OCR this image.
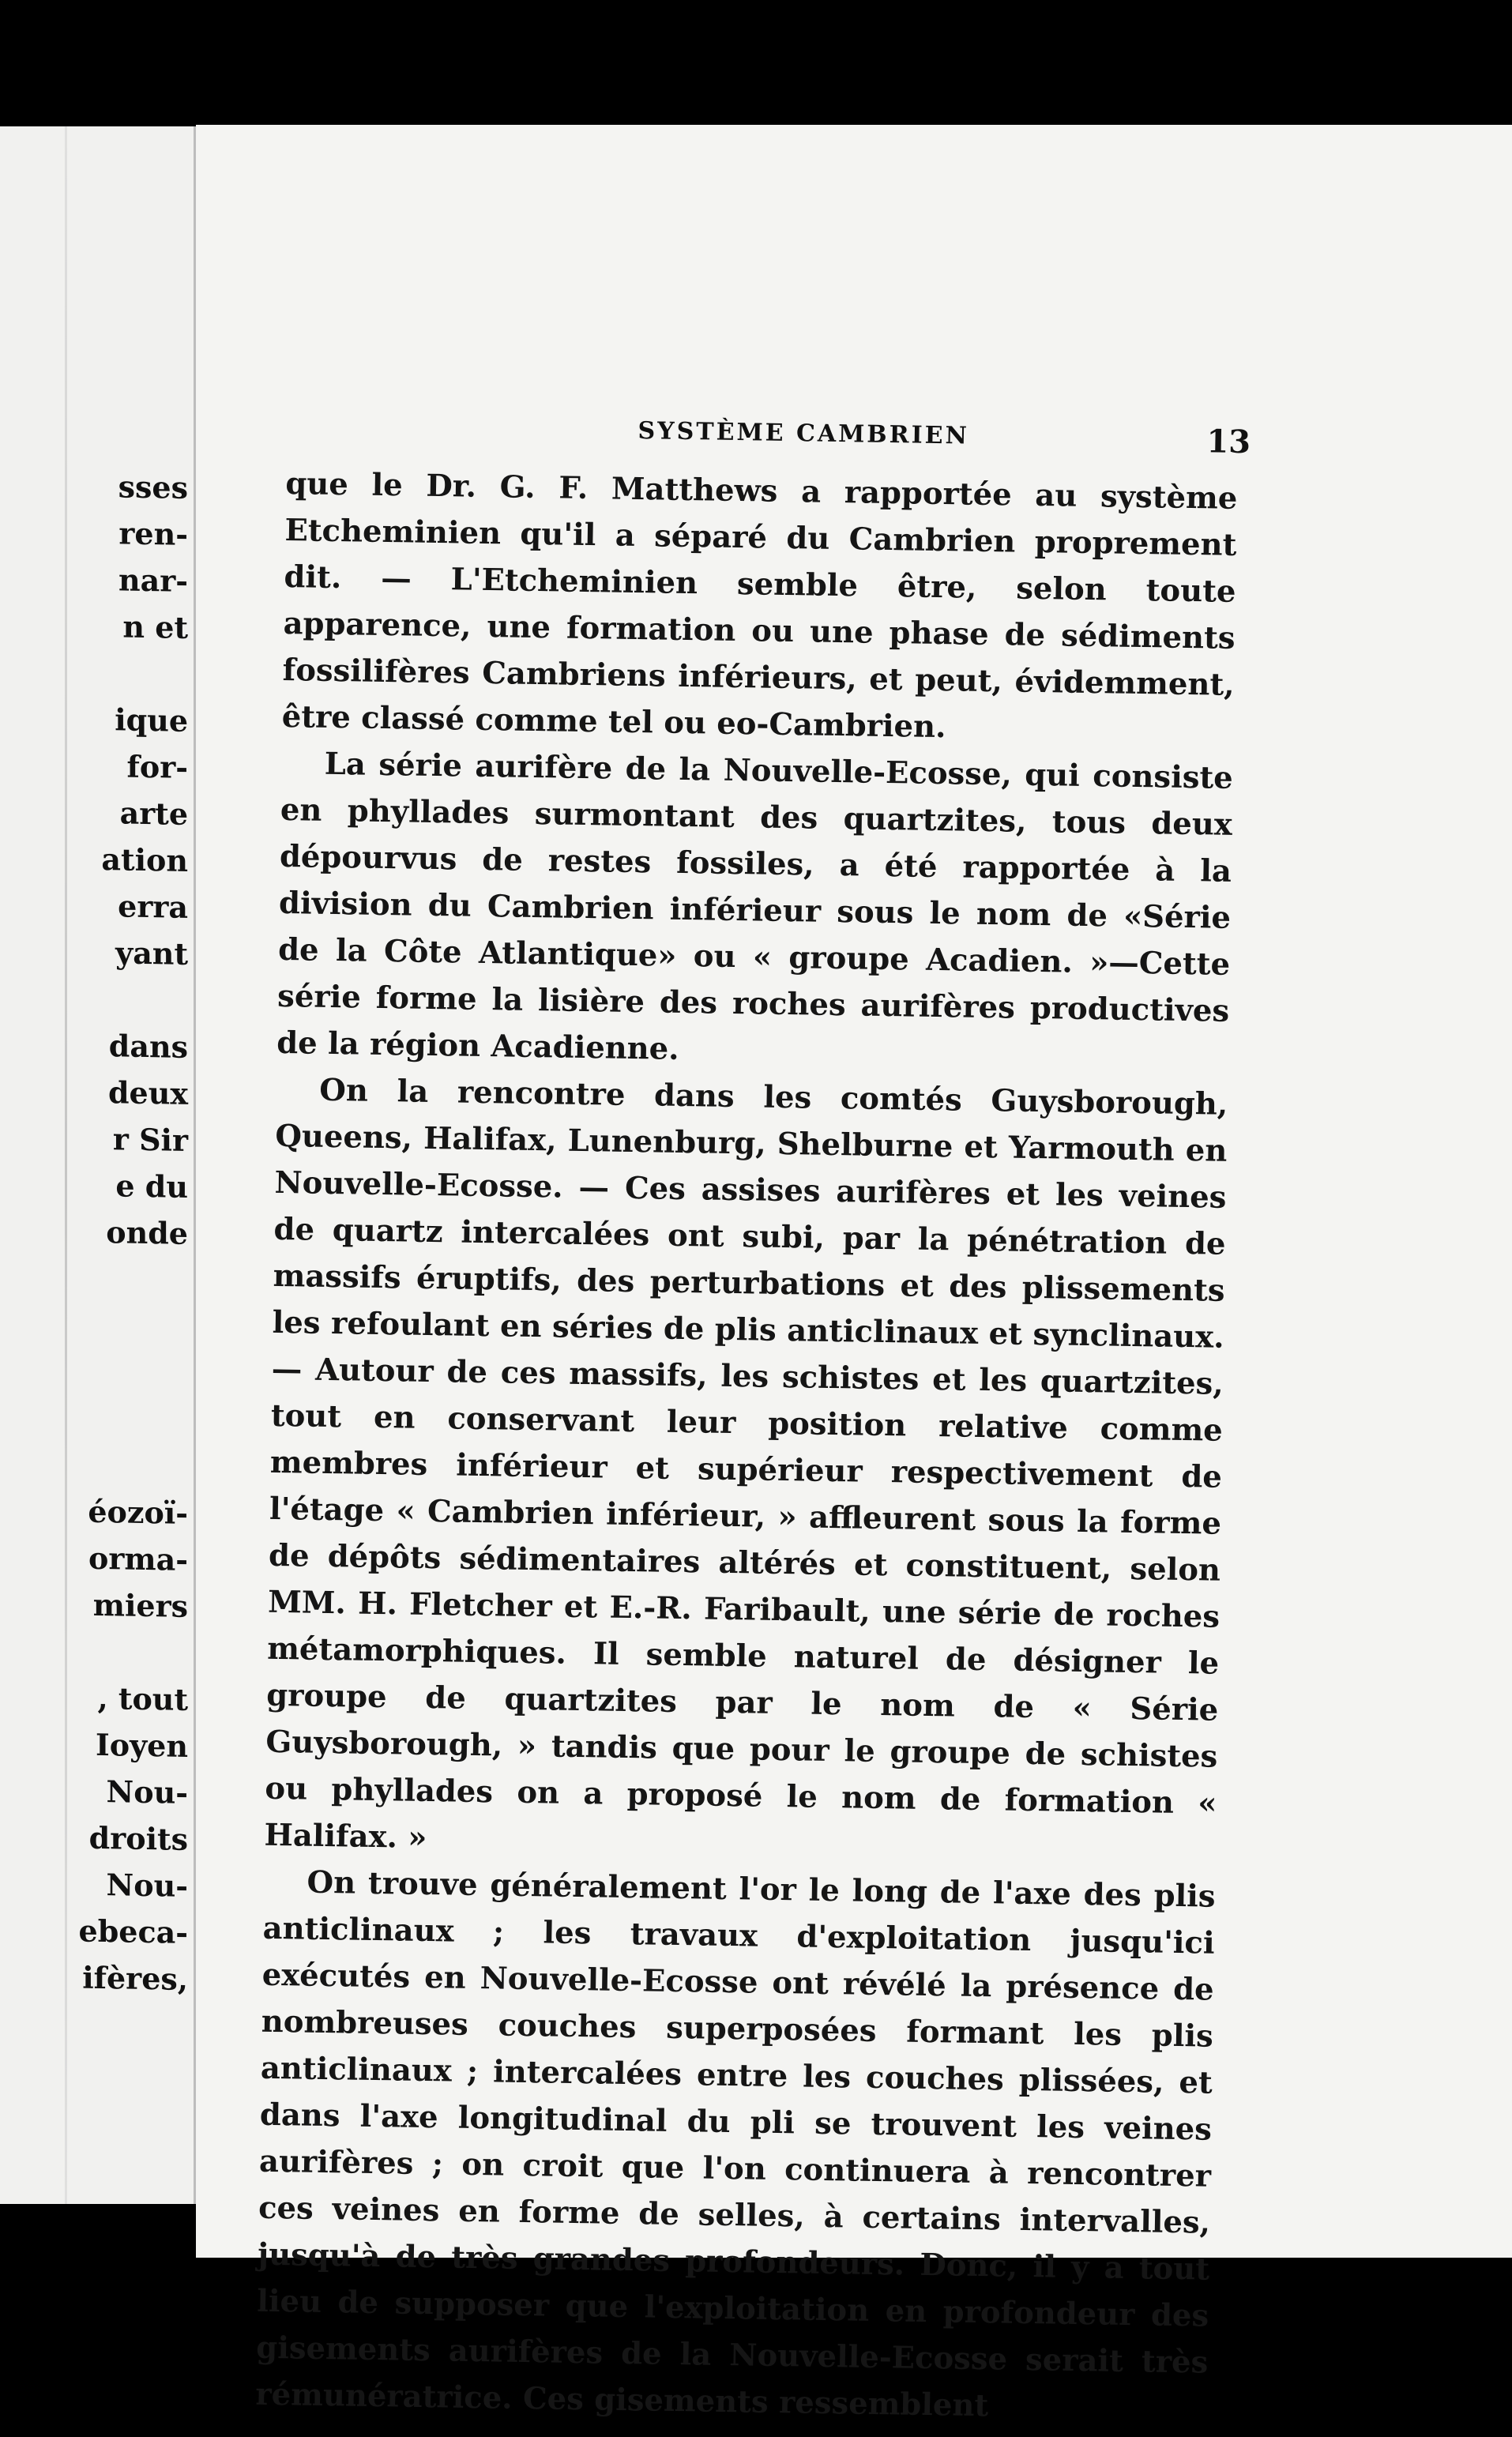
SYSTÈME CAMBRIEN	13

que le Dr. G. F. Matthews a rapportée au système Etcheminien qu'il a séparé du Cambrien proprement dit. — L'Etcheminien semble être, selon toute apparence, une formation ou une phase de sédiments fossilifères Cambriens inférieurs, et peut, évidemment, être classé comme tel ou eo-Cambrien.

La série aurifère de la Nouvelle-Ecosse, qui consiste en phyllades surmontant des quartzites, tous deux dépourvus de restes fossiles, a été rapportée à la division du Cambrien inférieur sous le nom de «Série de la Côte Atlantique» ou « groupe Acadien. »—Cette série forme la lisière des roches aurifères productives de la région Acadienne.

On la rencontre dans les comtés Guysborough, Queens, Halifax, Lunenburg, Shelburne et Yarmouth en Nouvelle-Ecosse. — Ces assises aurifères et les veines de quartz intercalées ont subi, par la pénétration de massifs éruptifs, des perturbations et des plissements les refoulant en séries de plis anticlinaux et synclinaux. — Autour de ces massifs, les schistes et les quartzites, tout en conservant leur position relative comme membres inférieur et supérieur respectivement de l'étage « Cambrien inférieur, » affleurent sous la forme de dépôts sédimentaires altérés et constituent, selon MM. H. Fletcher et E.-R. Faribault, une série de roches métamorphiques. Il semble naturel de désigner le groupe de quartzites par le nom de « Série Guysborough, » tandis que pour le groupe de schistes ou phyllades on a proposé le nom de formation « Halifax. »

On trouve généralement l'or le long de l'axe des plis anticlinaux ; les travaux d'exploitation jusqu'ici exécutés en Nouvelle-Ecosse ont révélé la présence de nombreuses couches superposées formant les plis anticlinaux ; intercalées entre les couches plissées, et dans l'axe longitudinal du pli se trouvent les veines aurifères ; on croit que l'on continuera à rencontrer ces veines en forme de selles, à certains intervalles, jusqu'à de très grandes profondeurs. Donc, il y a tout lieu de supposer que l'exploitation en profondeur des gisements aurifères de la Nouvelle-Ecosse serait très rémunératrice. Ces gisements ressemblent

sses
ren-
nar-
n et
ique
for-
arte
ation
erra
yant
dans
deux
r Sir
e du
onde
éozoï-
orma-
miers
, tout
Ioyen
Nou-
droits
Nou-
ebeca-
ifères,
